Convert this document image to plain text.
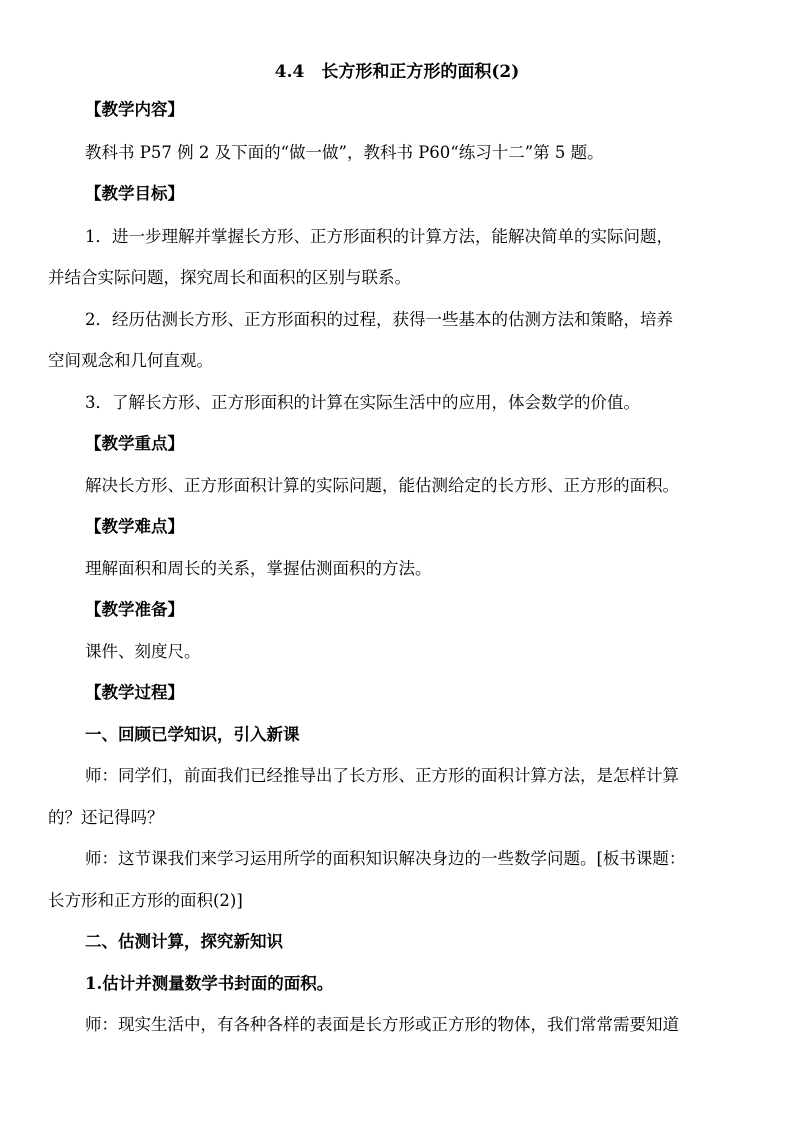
4.4　长方形和正方形的面积(2)
【教学内容】
教科书 P57 例 2 及下面的“做一做”，教科书 P60“练习十二”第 5 题。
【教学目标】
1．进一步理解并掌握长方形、正方形面积的计算方法，能解决简单的实际问题，
并结合实际问题，探究周长和面积的区别与联系。
2．经历估测长方形、正方形面积的过程，获得一些基本的估测方法和策略，培养
空间观念和几何直观。
3．了解长方形、正方形面积的计算在实际生活中的应用，体会数学的价值。
【教学重点】
解决长方形、正方形面积计算的实际问题，能估测给定的长方形、正方形的面积。
【教学难点】
理解面积和周长的关系，掌握估测面积的方法。
【教学准备】
课件、刻度尺。
【教学过程】
一、回顾已学知识，引入新课
师：同学们，前面我们已经推导出了长方形、正方形的面积计算方法，是怎样计算
的？还记得吗？
师：这节课我们来学习运用所学的面积知识解决身边的一些数学问题。[板书课题：
长方形和正方形的面积(2)]
二、估测计算，探究新知识
1.估计并测量数学书封面的面积。
师：现实生活中，有各种各样的表面是长方形或正方形的物体，我们常常需要知道
